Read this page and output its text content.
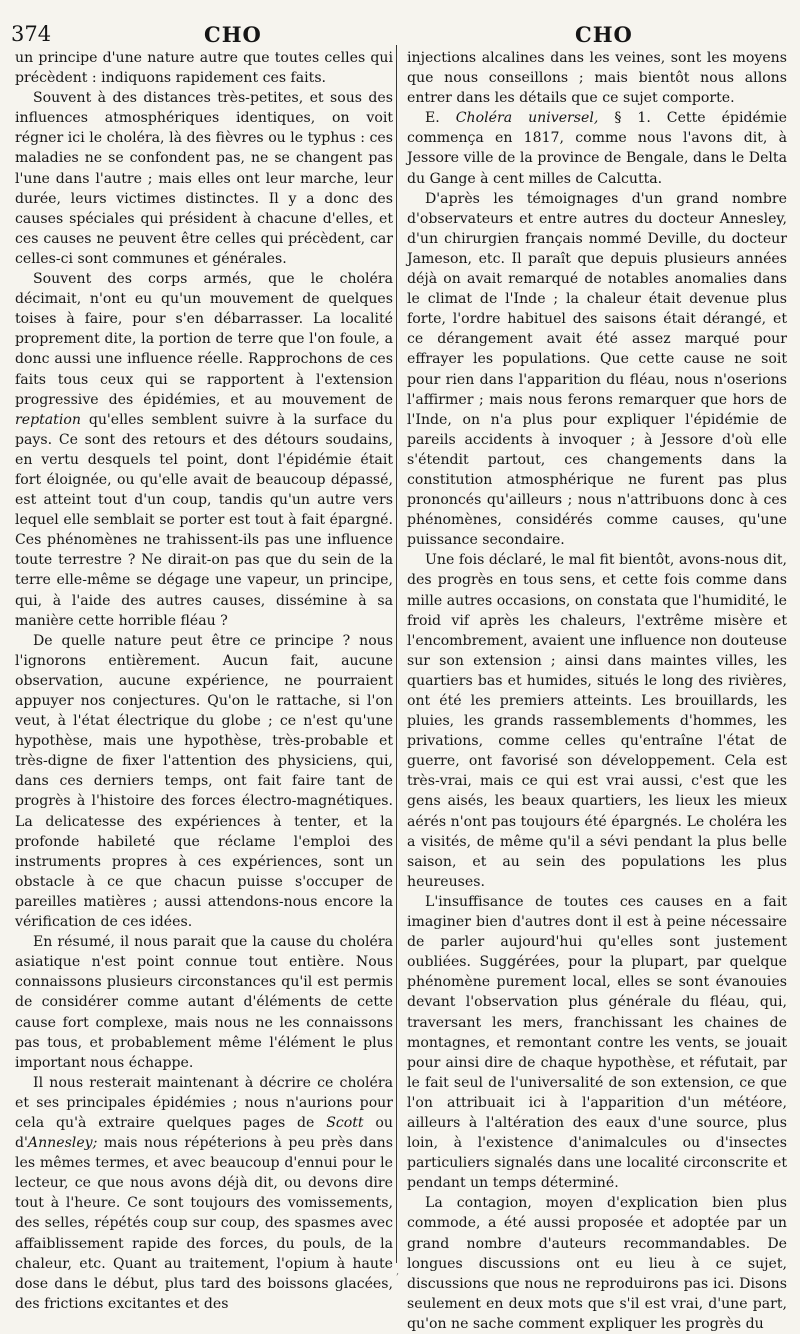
374	CHO	CHO

un principe d'une nature autre que toutes celles qui précèdent : indiquons rapidement ces faits.

Souvent à des distances très-petites, et sous des influences atmosphériques identiques, on voit régner ici le choléra, là des fièvres ou le typhus : ces maladies ne se confondent pas, ne se changent pas l'une dans l'autre ; mais elles ont leur marche, leur durée, leurs victimes distinctes. Il y a donc des causes spéciales qui président à chacune d'elles, et ces causes ne peuvent être celles qui précèdent, car celles-ci sont communes et générales.

Souvent des corps armés, que le choléra décimait, n'ont eu qu'un mouvement de quelques toises à faire, pour s'en débarrasser. La localité proprement dite, la portion de terre que l'on foule, a donc aussi une influence réelle. Rapprochons de ces faits tous ceux qui se rapportent à l'extension progressive des épidémies, et au mouvement de reptation qu'elles semblent suivre à la surface du pays. Ce sont des retours et des détours soudains, en vertu desquels tel point, dont l'épidémie était fort éloignée, ou qu'elle avait de beaucoup dépassé, est atteint tout d'un coup, tandis qu'un autre vers lequel elle semblait se porter est tout à fait épargné. Ces phénomènes ne trahissent-ils pas une influence toute terrestre ? Ne dirait-on pas que du sein de la terre elle-même se dégage une vapeur, un principe, qui, à l'aide des autres causes, dissémine à sa manière cette horrible fléau ?

De quelle nature peut être ce principe ? nous l'ignorons entièrement. Aucun fait, aucune observation, aucune expérience, ne pourraient appuyer nos conjectures. Qu'on le rattache, si l'on veut, à l'état électrique du globe ; ce n'est qu'une hypothèse, mais une hypothèse, très-probable et très-digne de fixer l'attention des physiciens, qui, dans ces derniers temps, ont fait faire tant de progrès à l'histoire des forces électro-magnétiques. La delicatesse des expériences à tenter, et la profonde habileté que réclame l'emploi des instruments propres à ces expériences, sont un obstacle à ce que chacun puisse s'occuper de pareilles matières ; aussi attendons-nous encore la vérification de ces idées.

En résumé, il nous parait que la cause du choléra asiatique n'est point connue tout entière. Nous connaissons plusieurs circonstances qu'il est permis de considérer comme autant d'éléments de cette cause fort complexe, mais nous ne les connaissons pas tous, et probablement même l'élément le plus important nous échappe.

Il nous resterait maintenant à décrire ce choléra et ses principales épidémies ; nous n'aurions pour cela qu'à extraire quelques pages de Scott ou d'Annesley; mais nous répéterions à peu près dans les mêmes termes, et avec beaucoup d'ennui pour le lecteur, ce que nous avons déjà dit, ou devons dire tout à l'heure. Ce sont toujours des vomissements, des selles, répétés coup sur coup, des spasmes avec affaiblissement rapide des forces, du pouls, de la chaleur, etc. Quant au traitement, l'opium à haute dose dans le début, plus tard des boissons glacées, des frictions excitantes et des

injections alcalines dans les veines, sont les moyens que nous conseillons ; mais bientôt nous allons entrer dans les détails que ce sujet comporte.

E. Choléra universel, § 1. Cette épidémie commença en 1817, comme nous l'avons dit, à Jessore ville de la province de Bengale, dans le Delta du Gange à cent milles de Calcutta.

D'après les témoignages d'un grand nombre d'observateurs et entre autres du docteur Annesley, d'un chirurgien français nommé Deville, du docteur Jameson, etc. Il paraît que depuis plusieurs années déjà on avait remarqué de notables anomalies dans le climat de l'Inde ; la chaleur était devenue plus forte, l'ordre habituel des saisons était dérangé, et ce dérangement avait été assez marqué pour effrayer les populations. Que cette cause ne soit pour rien dans l'apparition du fléau, nous n'oserions l'affirmer ; mais nous ferons remarquer que hors de l'Inde, on n'a plus pour expliquer l'épidémie de pareils accidents à invoquer ; à Jessore d'où elle s'étendit partout, ces changements dans la constitution atmosphérique ne furent pas plus prononcés qu'ailleurs ; nous n'attribuons donc à ces phénomènes, considérés comme causes, qu'une puissance secondaire.

Une fois déclaré, le mal fit bientôt, avons-nous dit, des progrès en tous sens, et cette fois comme dans mille autres occasions, on constata que l'humidité, le froid vif après les chaleurs, l'extrême misère et l'encombrement, avaient une influence non douteuse sur son extension ; ainsi dans maintes villes, les quartiers bas et humides, situés le long des rivières, ont été les premiers atteints. Les brouillards, les pluies, les grands rassemblements d'hommes, les privations, comme celles qu'entraîne l'état de guerre, ont favorisé son développement. Cela est très-vrai, mais ce qui est vrai aussi, c'est que les gens aisés, les beaux quartiers, les lieux les mieux aérés n'ont pas toujours été épargnés. Le choléra les a visités, de même qu'il a sévi pendant la plus belle saison, et au sein des populations les plus heureuses.

L'insuffisance de toutes ces causes en a fait imaginer bien d'autres dont il est à peine nécessaire de parler aujourd'hui qu'elles sont justement oubliées. Suggérées, pour la plupart, par quelque phénomène purement local, elles se sont évanouies devant l'observation plus générale du fléau, qui, traversant les mers, franchissant les chaines de montagnes, et remontant contre les vents, se jouait pour ainsi dire de chaque hypothèse, et réfutait, par le fait seul de l'universalité de son extension, ce que l'on attribuait ici à l'apparition d'un météore, ailleurs à l'altération des eaux d'une source, plus loin, à l'existence d'animalcules ou d'insectes particuliers signalés dans une localité circonscrite et pendant un temps déterminé.

La contagion, moyen d'explication bien plus commode, a été aussi proposée et adoptée par un grand nombre d'auteurs recommandables. De longues discussions ont eu lieu à ce sujet, discussions que nous ne reproduirons pas ici. Disons seulement en deux mots que s'il est vrai, d'une part, qu'on ne sache comment expliquer les progrès du

,
